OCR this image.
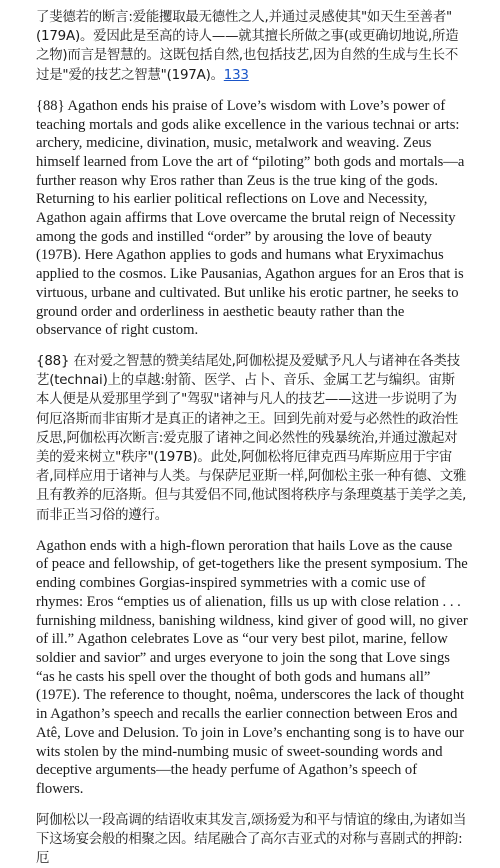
了斐德若的断言:爱能攫取最无德性之人,并通过灵感使其"如天生至善者"(179A)。爱因此是至高的诗人——就其擅长所做之事(或更确切地说,所造之物)而言是智慧的。这既包括自然,也包括技艺,因为自然的生成与生长不过是"爱的技艺之智慧"(197A)。133

{88} Agathon ends his praise of Love’s wisdom with Love’s power of teaching mortals and gods alike excellence in the various technai or arts: archery, medicine, divination, music, metalwork and weaving. Zeus himself learned from Love the art of “piloting” both gods and mortals—a further reason why Eros rather than Zeus is the true king of the gods. Returning to his earlier political reflections on Love and Necessity, Agathon again affirms that Love overcame the brutal reign of Necessity among the gods and instilled “order” by arousing the love of beauty (197B). Here Agathon applies to gods and humans what Eryximachus applied to the cosmos. Like Pausanias, Agathon argues for an Eros that is virtuous, urbane and cultivated. But unlike his erotic partner, he seeks to ground order and orderliness in aesthetic beauty rather than the observance of right custom.

{88} 在对爱之智慧的赞美结尾处,阿伽松提及爱赋予凡人与诸神在各类技艺(technai)上的卓越:射箭、医学、占卜、音乐、金属工艺与编织。宙斯本人便是从爱那里学到了"驾驭"诸神与凡人的技艺——这进一步说明了为何厄洛斯而非宙斯才是真正的诸神之王。回到先前对爱与必然性的政治性反思,阿伽松再次断言:爱克服了诸神之间必然性的残暴统治,并通过激起对美的爱来树立"秩序"(197B)。此处,阿伽松将厄律克西马库斯应用于宇宙者,同样应用于诸神与人类。与保萨尼亚斯一样,阿伽松主张一种有德、文雅且有教养的厄洛斯。但与其爱侣不同,他试图将秩序与条理奠基于美学之美,而非正当习俗的遵行。

Agathon ends with a high-flown peroration that hails Love as the cause of peace and fellowship, of get-togethers like the present symposium. The ending combines Gorgias-inspired symmetries with a comic use of rhymes: Eros “empties us of alienation, fills us up with close relation . . . furnishing mildness, banishing wildness, kind giver of good will, no giver of ill.” Agathon celebrates Love as “our very best pilot, marine, fellow soldier and savior” and urges everyone to join the song that Love sings “as he casts his spell over the thought of both gods and humans all” (197E). The reference to thought, noêma, underscores the lack of thought in Agathon’s speech and recalls the earlier connection between Eros and Atê, Love and Delusion. To join in Love’s enchanting song is to have our wits stolen by the mind-numbing music of sweet-sounding words and deceptive arguments—the heady perfume of Agathon’s speech of flowers.

阿伽松以一段高调的结语收束其发言,颂扬爱为和平与情谊的缘由,为诸如当下这场宴会般的相聚之因。结尾融合了高尔吉亚式的对称与喜剧式的押韵:厄
